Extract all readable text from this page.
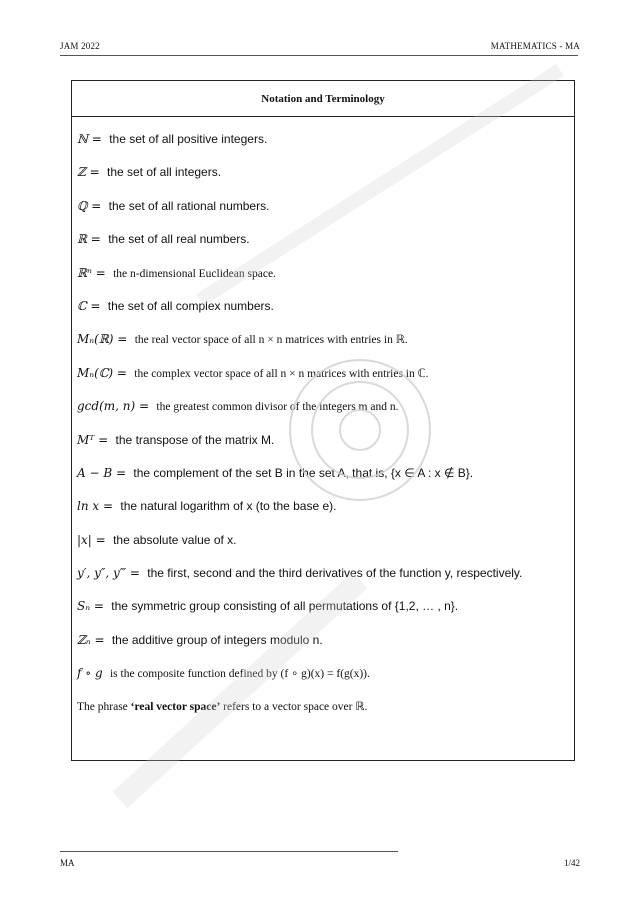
JAM 2022	MATHEMATICS - MA
Notation and Terminology
ℕ = the set of all positive integers.
ℤ = the set of all integers.
ℚ = the set of all rational numbers.
ℝ = the set of all real numbers.
ℝⁿ = the n-dimensional Euclidean space.
ℂ = the set of all complex numbers.
Mₙ(ℝ) = the real vector space of all n × n matrices with entries in ℝ.
Mₙ(ℂ) = the complex vector space of all n × n matrices with entries in ℂ.
gcd(m, n) = the greatest common divisor of the integers m and n.
Mᵀ = the transpose of the matrix M.
A − B = the complement of the set B in the set A, that is, {x ∈ A : x ∉ B}.
ln x = the natural logarithm of x (to the base e).
|x| = the absolute value of x.
y′, y″, y‴ = the first, second and the third derivatives of the function y, respectively.
Sₙ = the symmetric group consisting of all permutations of {1,2, … , n}.
ℤₙ = the additive group of integers modulo n.
f ∘ g is the composite function defined by (f ∘ g)(x) = f(g(x)).
The phrase ‘real vector space’ refers to a vector space over ℝ.
MA	1/42
